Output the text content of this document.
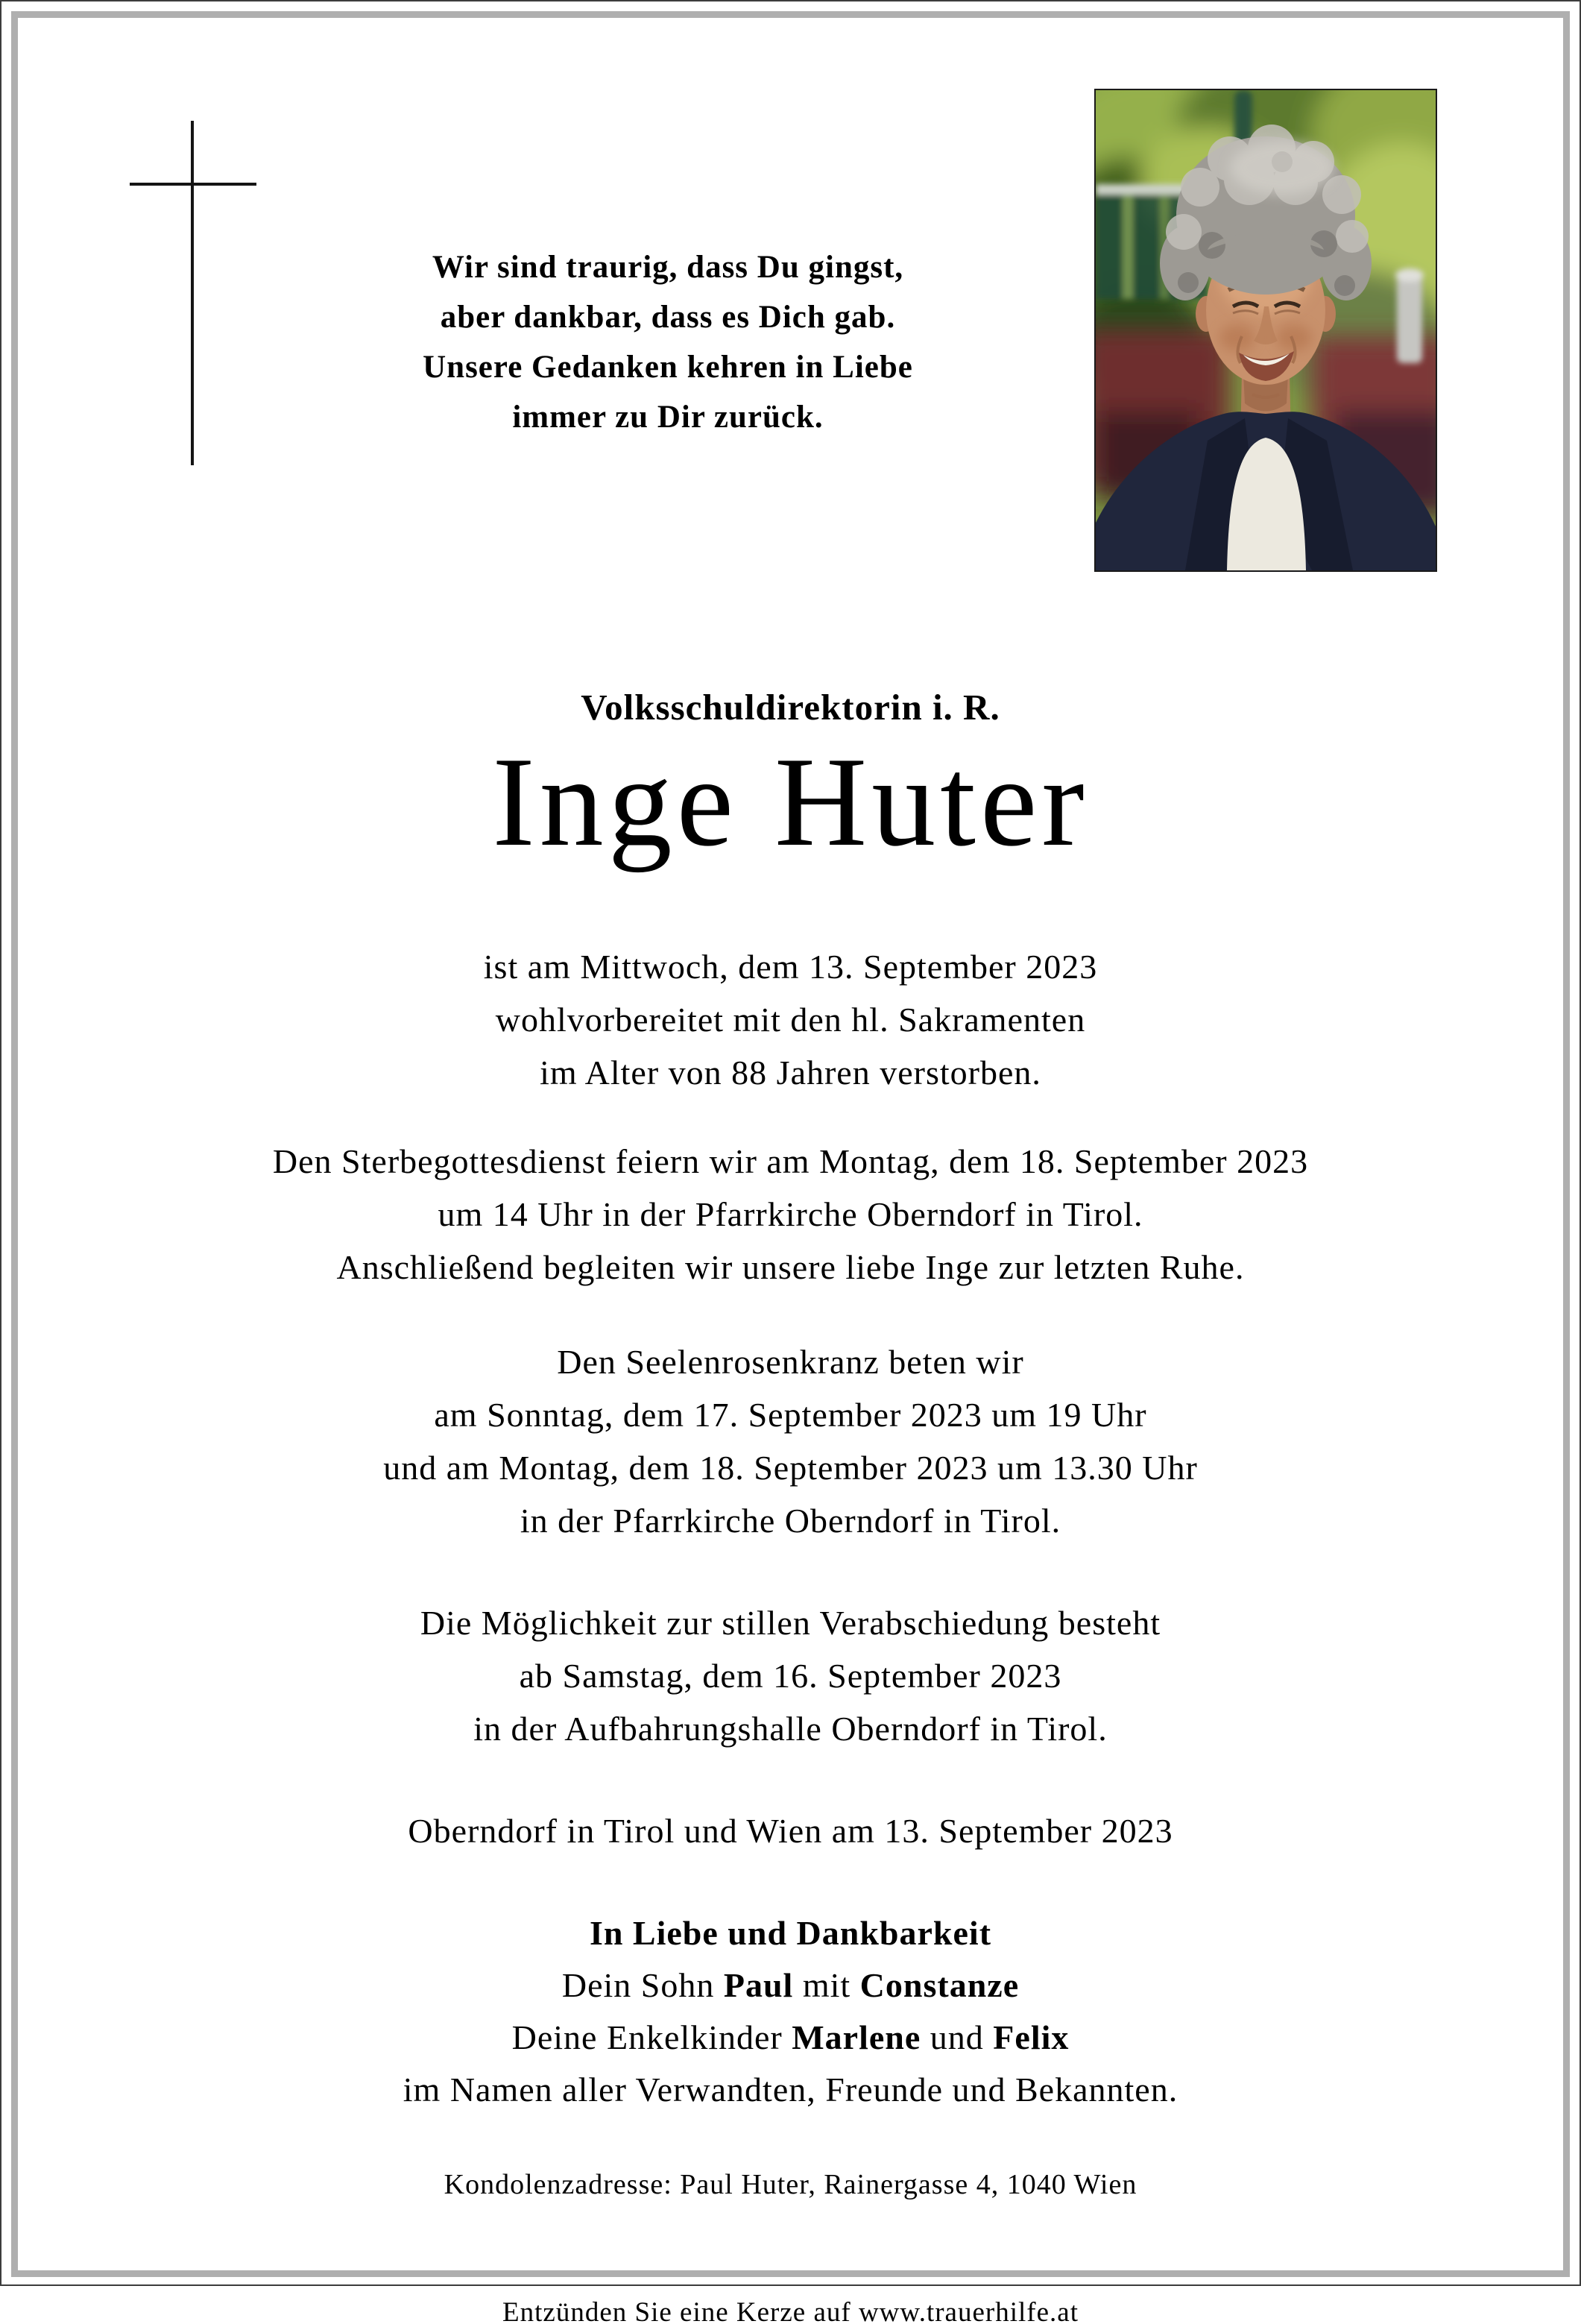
Wir sind traurig, dass Du gingst,
aber dankbar, dass es Dich gab.
Unsere Gedanken kehren in Liebe
immer zu Dir zurück.
Volksschuldirektorin i. R.
Inge Huter
ist am Mittwoch, dem 13. September 2023
wohlvorbereitet mit den hl. Sakramenten
im Alter von 88 Jahren verstorben.
Den Sterbegottesdienst feiern wir am Montag, dem 18. September 2023
um 14 Uhr in der Pfarrkirche Oberndorf in Tirol.
Anschließend begleiten wir unsere liebe Inge zur letzten Ruhe.
Den Seelenrosenkranz beten wir
am Sonntag, dem 17. September 2023 um 19 Uhr
und am Montag, dem 18. September 2023 um 13.30 Uhr
in der Pfarrkirche Oberndorf in Tirol.
Die Möglichkeit zur stillen Verabschiedung besteht
ab Samstag, dem 16. September 2023
in der Aufbahrungshalle Oberndorf in Tirol.
Oberndorf in Tirol und Wien am 13. September 2023
In Liebe und Dankbarkeit
Dein Sohn Paul mit Constanze
Deine Enkelkinder Marlene und Felix
im Namen aller Verwandten, Freunde und Bekannten.
Kondolenzadresse: Paul Huter, Rainergasse 4, 1040 Wien
Entzünden Sie eine Kerze auf www.trauerhilfe.at
